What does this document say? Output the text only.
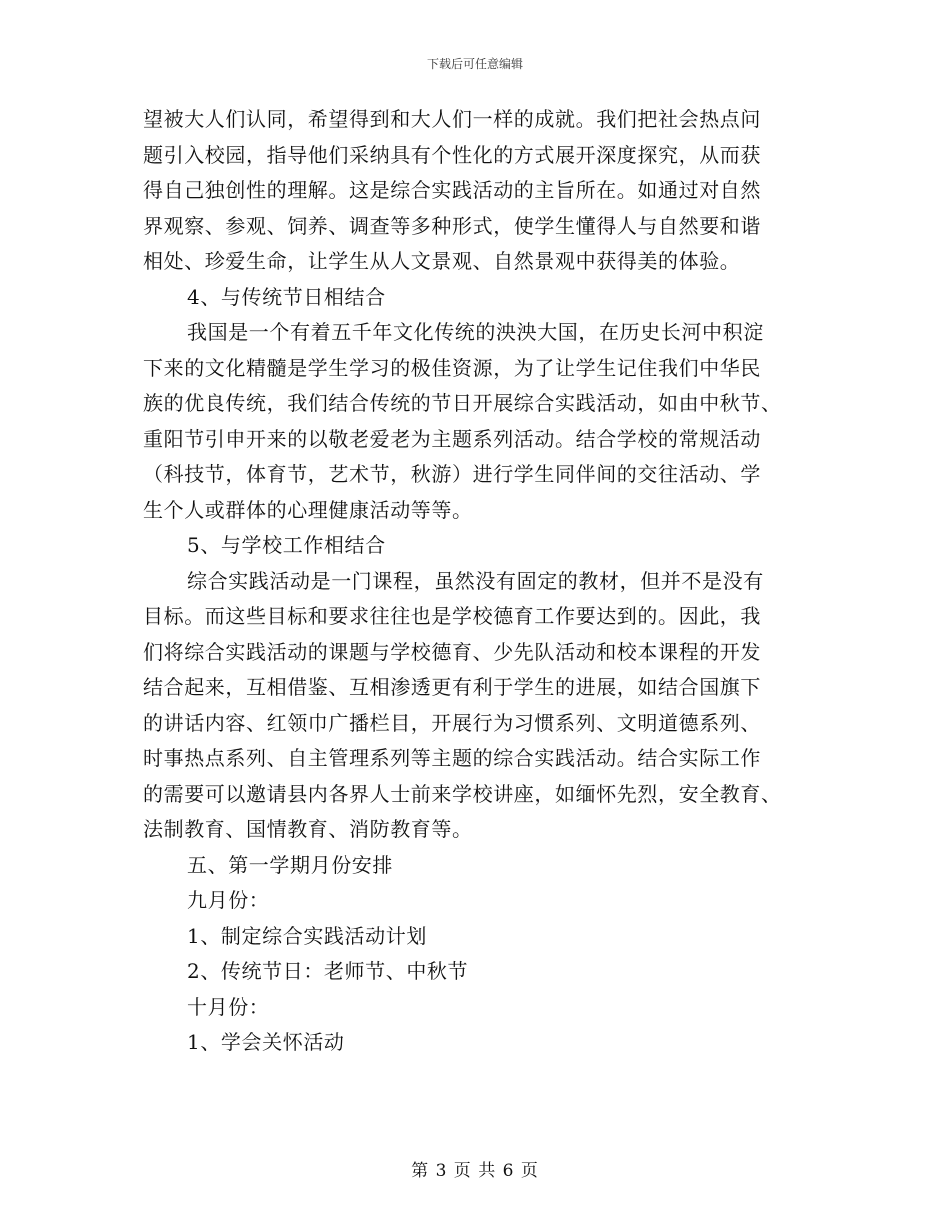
下载后可任意编辑
望被大人们认同，希望得到和大人们一样的成就。我们把社会热点问
题引入校园，指导他们采纳具有个性化的方式展开深度探究，从而获
得自己独创性的理解。这是综合实践活动的主旨所在。如通过对自然
界观察、参观、饲养、调查等多种形式，使学生懂得人与自然要和谐
相处、珍爱生命，让学生从人文景观、自然景观中获得美的体验。
4、与传统节日相结合
我国是一个有着五千年文化传统的泱泱大国，在历史长河中积淀
下来的文化精髓是学生学习的极佳资源，为了让学生记住我们中华民
族的优良传统，我们结合传统的节日开展综合实践活动，如由中秋节、
重阳节引申开来的以敬老爱老为主题系列活动。结合学校的常规活动
（科技节，体育节，艺术节，秋游）进行学生同伴间的交往活动、学
生个人或群体的心理健康活动等等。
5、与学校工作相结合
综合实践活动是一门课程，虽然没有固定的教材，但并不是没有
目标。而这些目标和要求往往也是学校德育工作要达到的。因此，我
们将综合实践活动的课题与学校德育、少先队活动和校本课程的开发
结合起来，互相借鉴、互相渗透更有利于学生的进展，如结合国旗下
的讲话内容、红领巾广播栏目，开展行为习惯系列、文明道德系列、
时事热点系列、自主管理系列等主题的综合实践活动。结合实际工作
的需要可以邀请县内各界人士前来学校讲座，如缅怀先烈，安全教育、
法制教育、国情教育、消防教育等。
五、第一学期月份安排
九月份：
1、制定综合实践活动计划
2、传统节日：老师节、中秋节
十月份：
1、学会关怀活动
第 3 页 共 6 页
